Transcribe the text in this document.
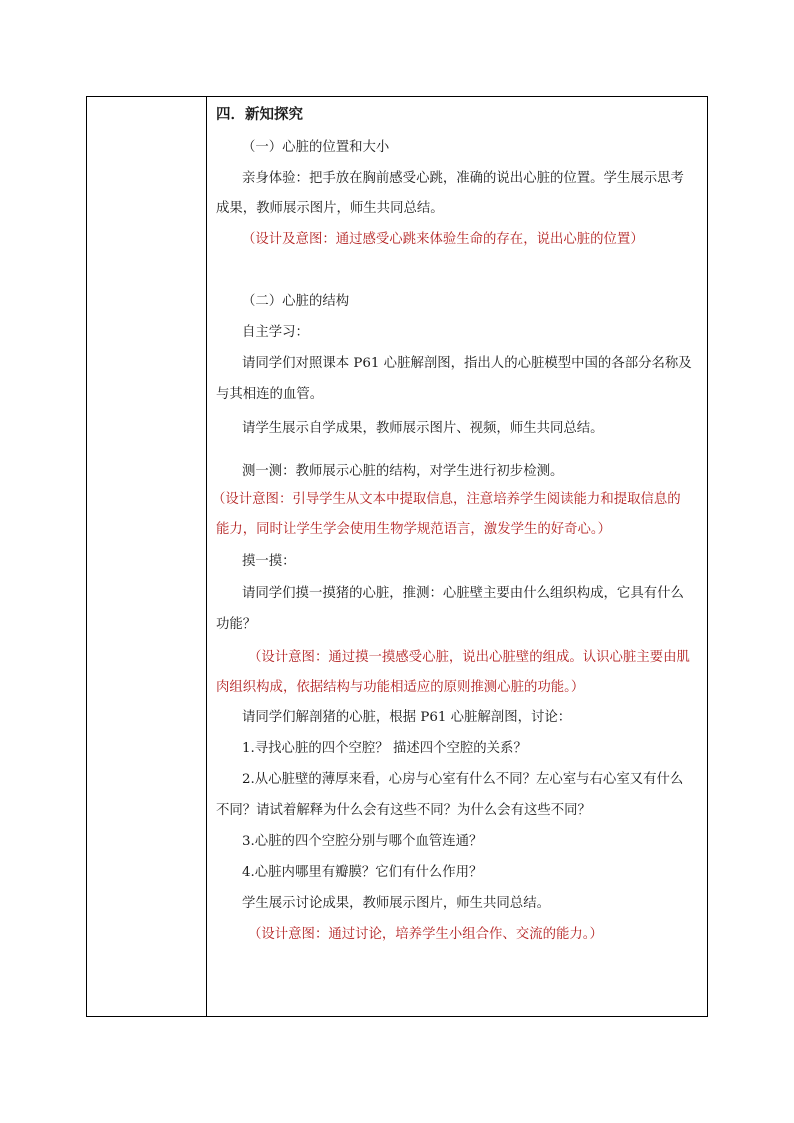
四．新知探究
（一）心脏的位置和大小
亲身体验：把手放在胸前感受心跳，准确的说出心脏的位置。学生展示思考
成果，教师展示图片，师生共同总结。
（设计及意图：通过感受心跳来体验生命的存在，说出心脏的位置）
（二）心脏的结构
自主学习：
请同学们对照课本 P61 心脏解剖图，指出人的心脏模型中国的各部分名称及
与其相连的血管。
请学生展示自学成果，教师展示图片、视频，师生共同总结。
测一测：教师展示心脏的结构，对学生进行初步检测。
（设计意图：引导学生从文本中提取信息，注意培养学生阅读能力和提取信息的
能力，同时让学生学会使用生物学规范语言，激发学生的好奇心。）
摸一摸：
请同学们摸一摸猪的心脏，推测：心脏壁主要由什么组织构成，它具有什么
功能？
（设计意图：通过摸一摸感受心脏，说出心脏壁的组成。认识心脏主要由肌
肉组织构成，依据结构与功能相适应的原则推测心脏的功能。）
请同学们解剖猪的心脏，根据 P61 心脏解剖图，讨论：
1.寻找心脏的四个空腔？ 描述四个空腔的关系？
2.从心脏壁的薄厚来看，心房与心室有什么不同？左心室与右心室又有什么
不同？请试着解释为什么会有这些不同？为什么会有这些不同？
3.心脏的四个空腔分别与哪个血管连通？
4.心脏内哪里有瓣膜？它们有什么作用？
学生展示讨论成果，教师展示图片，师生共同总结。
（设计意图：通过讨论，培养学生小组合作、交流的能力。）
